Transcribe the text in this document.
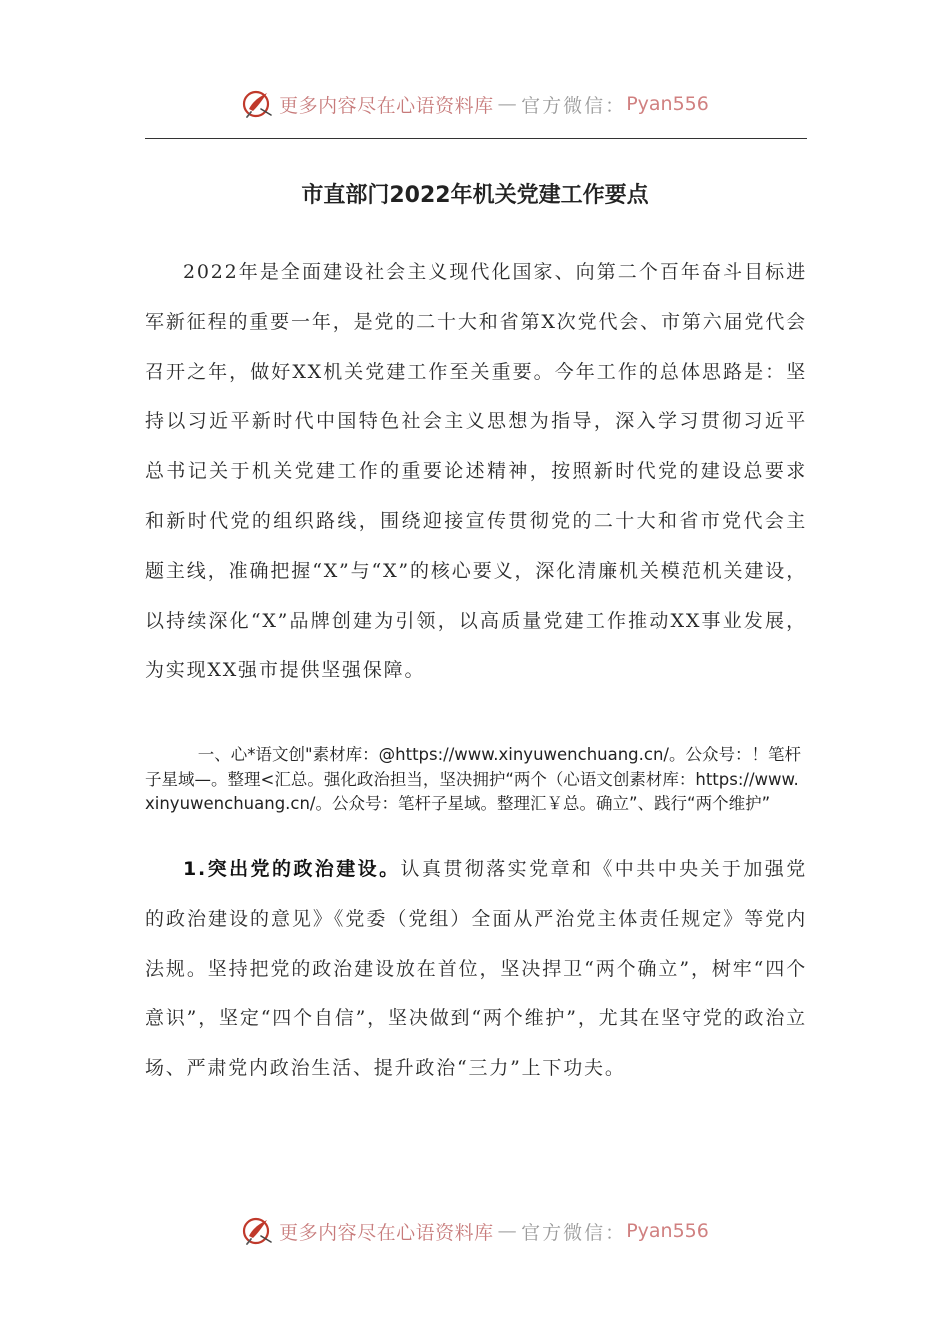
更多内容尽在心语资料库 — 官方微信： Pyan556
市直部门2022年机关党建工作要点

2022年是全面建设社会主义现代化国家、向第二个百年奋斗目标进军新征程的重要一年，是党的二十大和省第X次党代会、市第六届党代会召开之年，做好XX机关党建工作至关重要。今年工作的总体思路是：坚持以习近平新时代中国特色社会主义思想为指导，深入学习贯彻习近平总书记关于机关党建工作的重要论述精神，按照新时代党的建设总要求和新时代党的组织路线，围绕迎接宣传贯彻党的二十大和省市党代会主题主线，准确把握“X”与“X”的核心要义，深化清廉机关模范机关建设，以持续深化“X”品牌创建为引领，以高质量党建工作推动XX事业发展，为实现XX强市提供坚强保障。

一、心*语文创"素材库：@https://www.xinyuwenchuang.cn/。公众号：！笔杆子星域—。整理<汇总。强化政治担当，坚决拥护“两个（心语文创素材库：https://www.xinyuwenchuang.cn/。公众号：笔杆子星域。整理汇￥总。确立”、践行“两个维护”

1.突出党的政治建设。认真贯彻落实党章和《中共中央关于加强党的政治建设的意见》《党委（党组）全面从严治党主体责任规定》等党内法规。坚持把党的政治建设放在首位，坚决捍卫“两个确立”，树牢“四个意识”，坚定“四个自信”，坚决做到“两个维护”，尤其在坚守党的政治立场、严肃党内政治生活、提升政治“三力”上下功夫。

更多内容尽在心语资料库 — 官方微信： Pyan556
